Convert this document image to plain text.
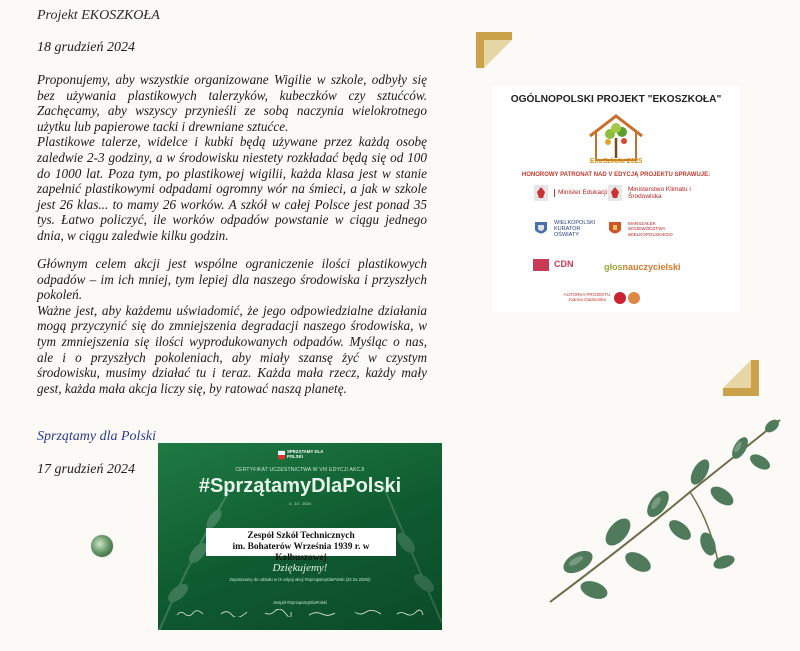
Projekt EKOSZKOŁA
18 grudzień 2024

Proponujemy, aby wszystkie organizowane Wigilie w szkole, odbyły się bez używania plastikowych talerzyków, kubeczków czy sztućców. Zachęcamy, aby wszyscy przynieśli ze sobą naczynia wielokrotnego użytku lub papierowe tacki i drewniane sztućce.

Plastikowe talerze, widelce i kubki będą używane przez każdą osobę zaledwie 2-3 godziny, a w środowisku niestety rozkładać będą się od 100 do 1000 lat. Poza tym, po plastikowej wigilii, każda klasa jest w stanie zapełnić plastikowymi odpadami ogromny wór na śmieci, a jak w szkole jest 26 klas... to mamy 26 worków. A szkół w całej Polsce jest ponad 35 tys. Łatwo policzyć, ile worków odpadów powstanie w ciągu jednego dnia, w ciągu zaledwie kilku godzin.

Głównym celem akcji jest wspólne ograniczenie ilości plastikowych odpadów – im ich mniej, tym lepiej dla naszego środowiska i przyszłych pokoleń.

Ważne jest, aby każdemu uświadomić, że jego odpowiedzialne działania mogą przyczynić się do zmniejszenia degradacji naszego środowiska, w tym zmniejszenia się ilości wyprodukowanych odpadów. Myśląc o nas, ale i o przyszłych pokoleniach, aby miały szansę żyć w czystym środowisku, musimy działać tu i teraz. Każda mała rzecz, każdy mały gest, każda mała akcja liczy się, by ratować naszą planetę.

Sprzątamy dla Polski
17 grudzień 2024
OGÓLNOPOLSKI PROJEKT "EKOSZKOŁA"
EkoSzkoła 2025
HONOROWY PATRONAT NAD V EDYCJĄ PROJEKTU SPRAWUJE:
Minister Edukacji
Ministerstwo Klimatu i Środowiska
WIELKOPOLSKI KURATOR OŚWIATY
MARSZAŁEK WOJEWÓDZTWA WIELKOPOLSKIEGO
CDN	głosnauczycielski
AUTORKA PROJEKTU Joanna Gadomska
SPRZĄTAMY DLA POLSKI
CERTYFIKAT UCZESTNICTWA W VIII EDYCJI AKCJI
#SprzątamyDlaPolski
4 . 10 . 2024
Zespół Szkół Technicznych
im. Bohaterów Września 1939 r. w Kolbuszowej
Dziękujemy!
Zapraszamy do udziału w IX edycji akcji #SprzątamyDlaPolski (22.04.2025)!
Zespół #SprzątamyDlaPolski
